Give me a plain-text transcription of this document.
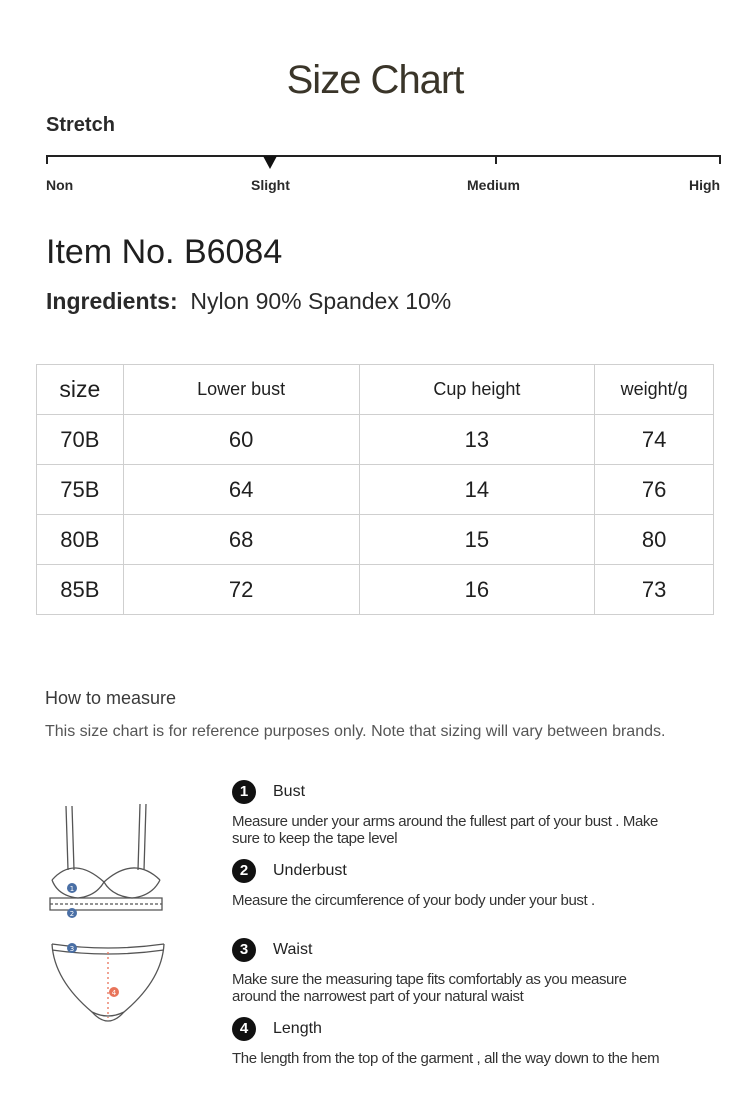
Size Chart
Stretch
Non	Slight	Medium	High
Item No. B6084
Ingredients: Nylon 90% Spandex 10%
size	Lower bust	Cup height	weight/g
70B	60	13	74
75B	64	14	76
80B	68	15	80
85B	72	16	73
How to measure
This size chart is for reference purposes only. Note that sizing will vary between brands.
1
2
3
4
1	Bust
Measure under your arms around the fullest part of your bust . Make
sure to keep the tape level
2	Underbust
Measure the circumference of your body under your bust .
3	Waist
Make sure the measuring tape fits comfortably as you measure
around the narrowest part of your natural waist
4	Length
The length from the top of the garment , all the way down to the hem
